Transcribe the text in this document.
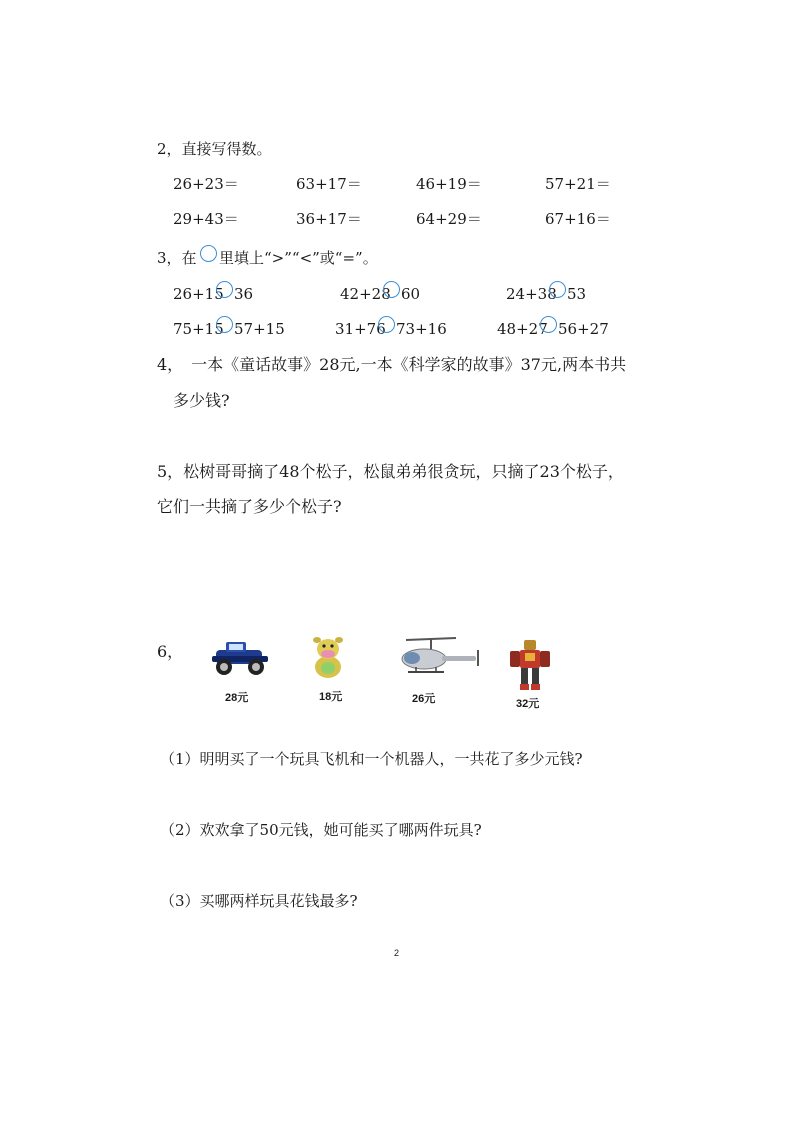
2，直接写得数。
26+23＝	63+17＝	46+19＝	57+21＝
29+43＝	36+17＝	64+29＝	67+16＝
3，在 里填上“>”“<”或“=”。
26+15 36	42+28 60	24+38 53
75+15 57+15	31+76 73+16	48+27 56+27
4，　一本《童话故事》28元,一本《科学家的故事》37元,两本书共
多少钱?
5，松树哥哥摘了48个松子，松鼠弟弟很贪玩，只摘了23个松子，
它们一共摘了多少个松子?
6，
28元	18元	26元	32元
（1）明明买了一个玩具飞机和一个机器人，一共花了多少元钱?
（2）欢欢拿了50元钱，她可能买了哪两件玩具?
（3）买哪两样玩具花钱最多?
2
